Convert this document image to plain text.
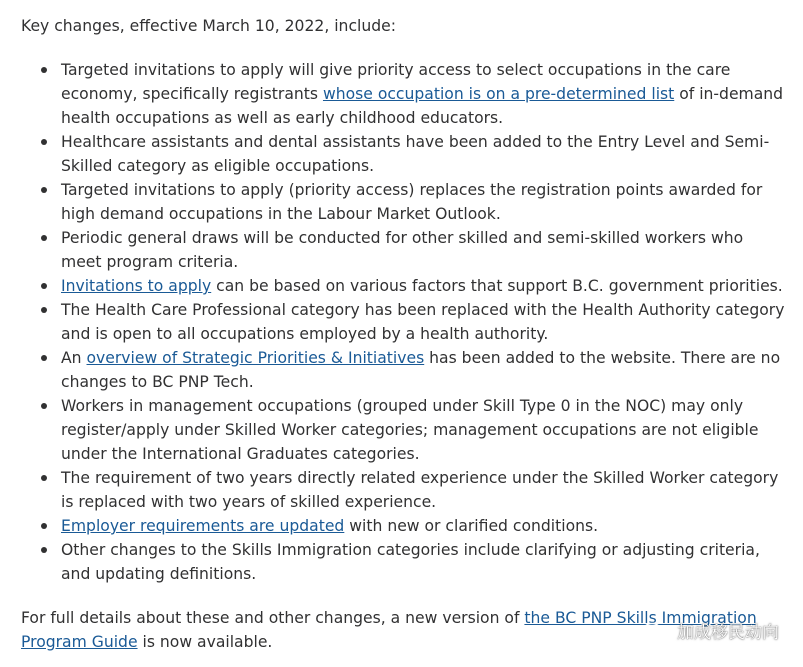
Key changes, effective March 10, 2022, include:

Targeted invitations to apply will give priority access to select occupations in the care economy, specifically registrants whose occupation is on a pre-determined list of in-demand health occupations as well as early childhood educators.
Healthcare assistants and dental assistants have been added to the Entry Level and Semi-Skilled category as eligible occupations.
Targeted invitations to apply (priority access) replaces the registration points awarded for high demand occupations in the Labour Market Outlook.
Periodic general draws will be conducted for other skilled and semi-skilled workers who meet program criteria.
Invitations to apply can be based on various factors that support B.C. government priorities.
The Health Care Professional category has been replaced with the Health Authority category and is open to all occupations employed by a health authority.
An overview of Strategic Priorities & Initiatives has been added to the website. There are no changes to BC PNP Tech.
Workers in management occupations (grouped under Skill Type 0 in the NOC) may only register/apply under Skilled Worker categories; management occupations are not eligible under the International Graduates categories.
The requirement of two years directly related experience under the Skilled Worker category is replaced with two years of skilled experience.
Employer requirements are updated with new or clarified conditions.
Other changes to the Skills Immigration categories include clarifying or adjusting criteria, and updating definitions.

For full details about these and other changes, a new version of the BC PNP Skills Immigration Program Guide is now available.	加成移民动向
